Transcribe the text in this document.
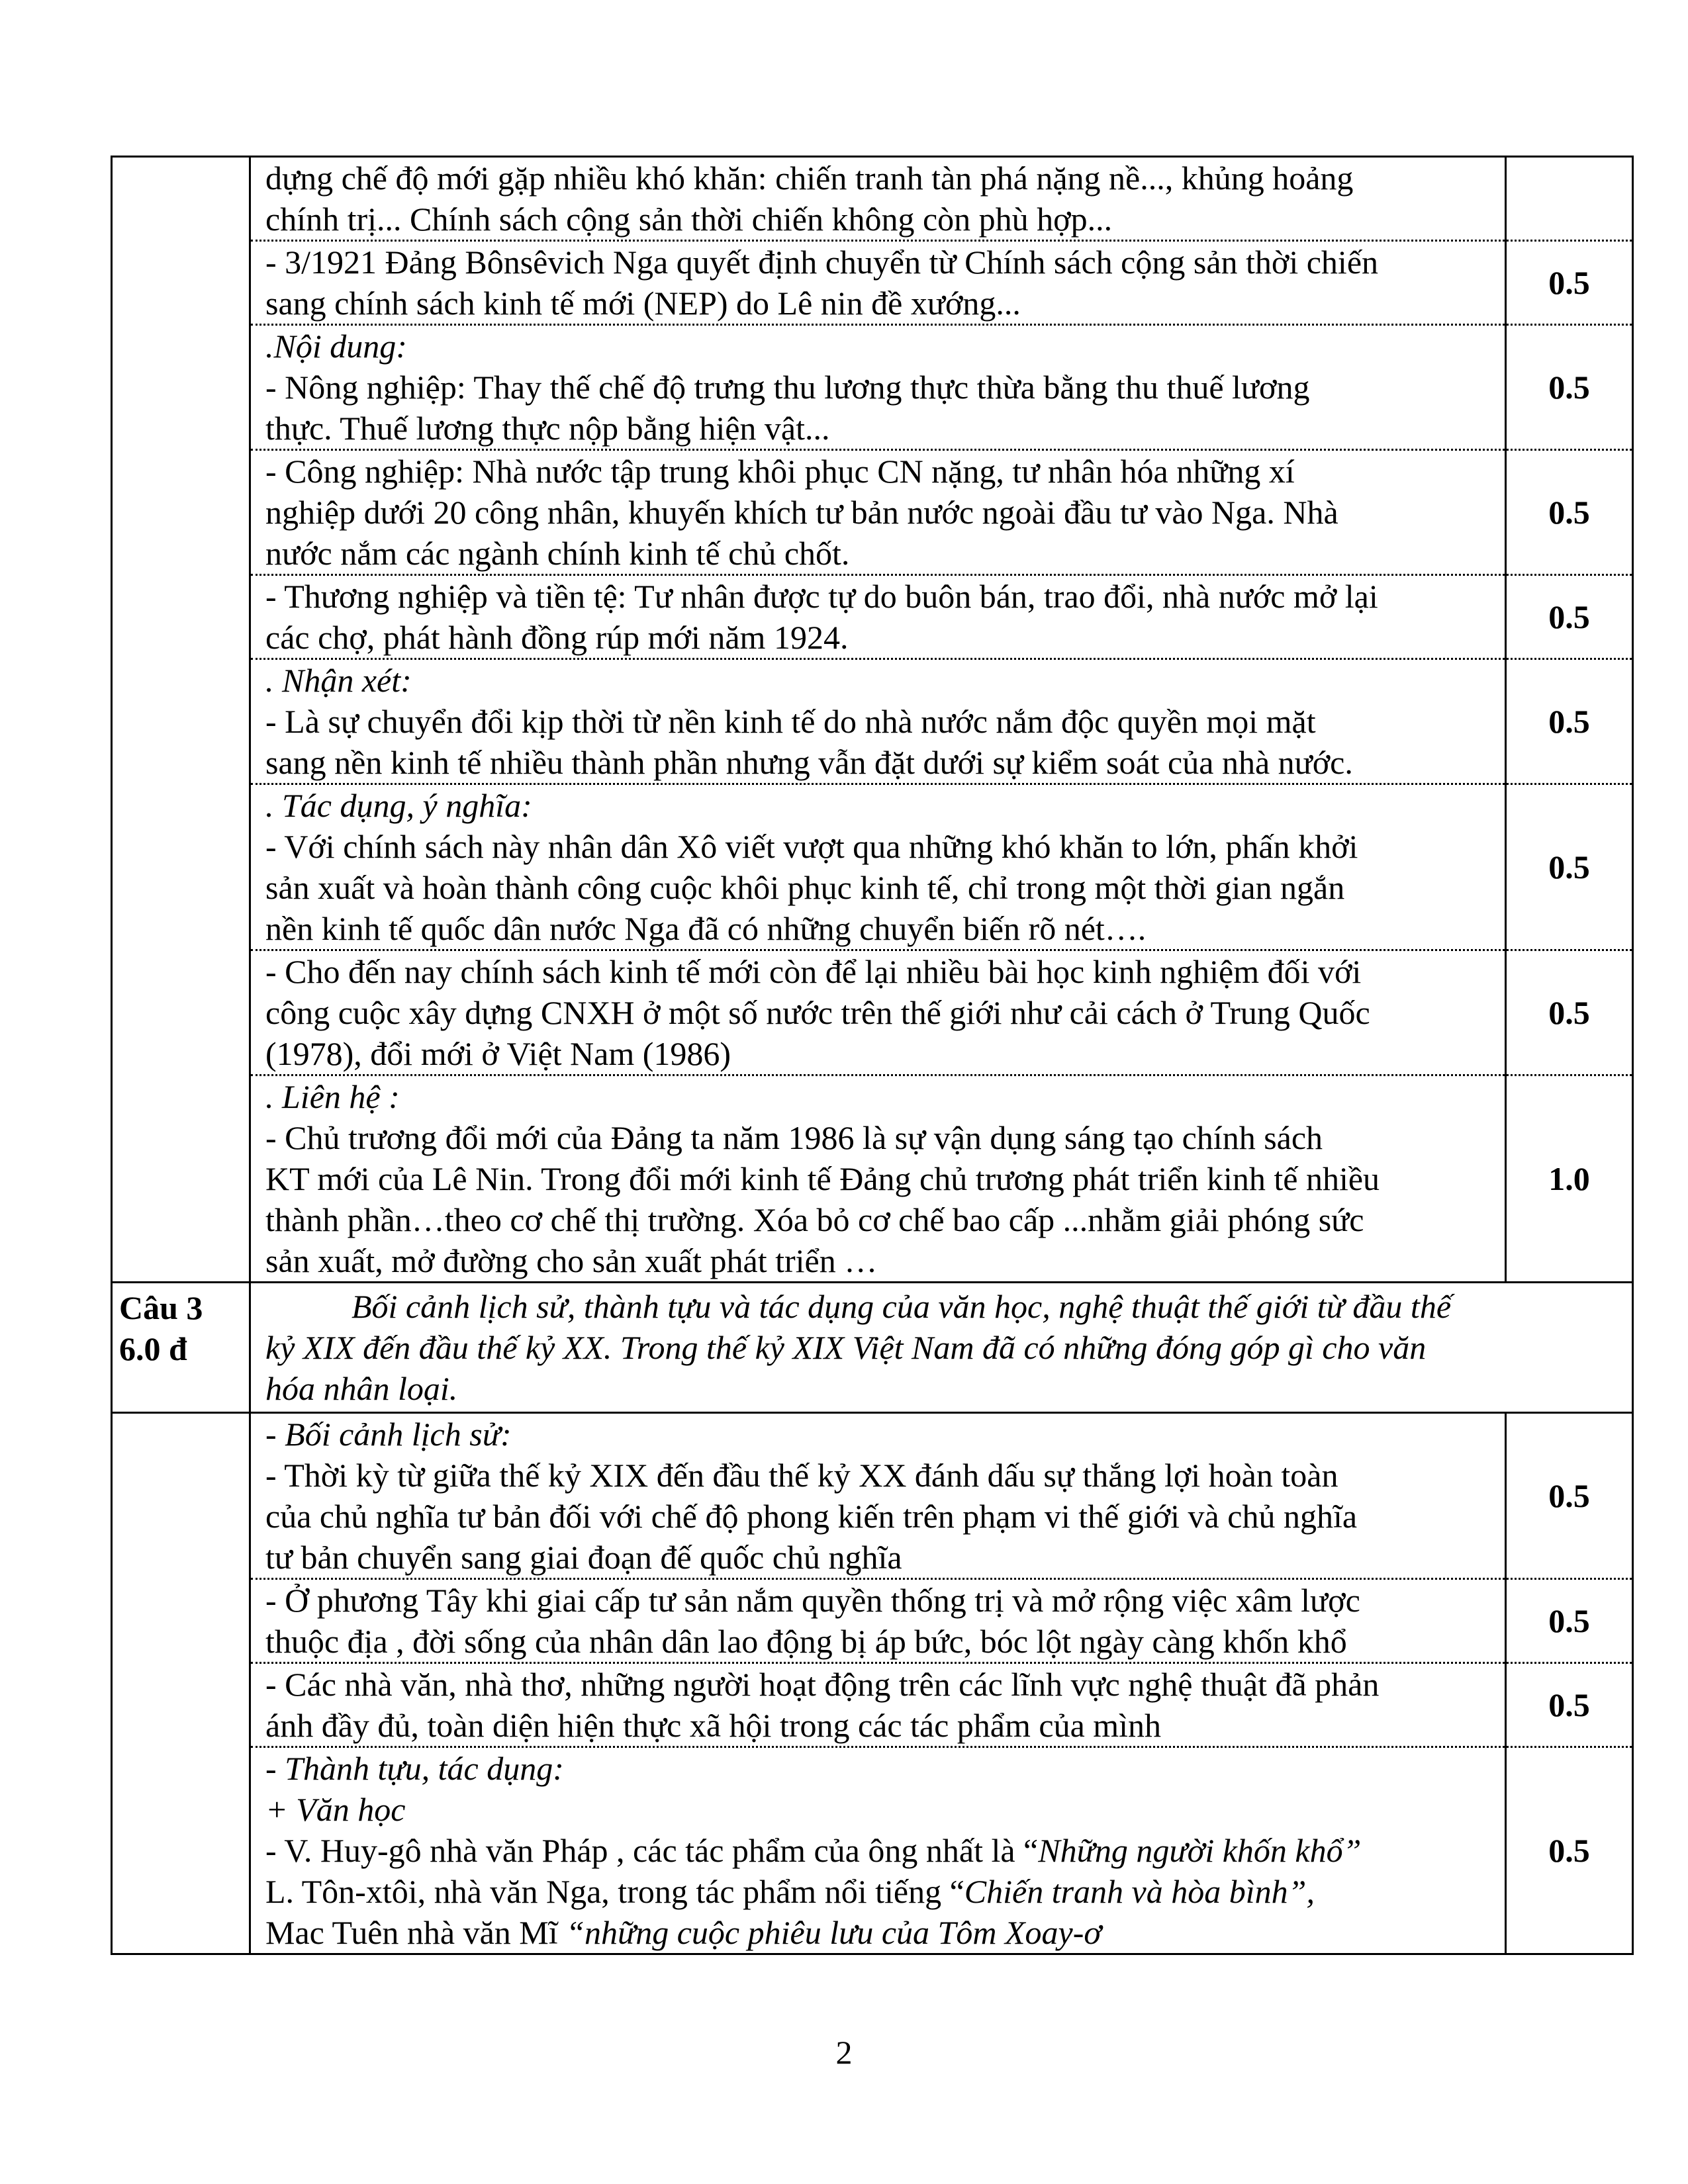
	dựng chế độ mới gặp nhiều khó khăn: chiến tranh tàn phá nặng nề..., khủng hoảng
chính trị... Chính sách cộng sản thời chiến không còn phù hợp...	

	- 3/1921 Đảng Bônsêvich Nga quyết định chuyển từ Chính sách cộng sản thời chiến
sang chính sách kinh tế mới (NEP) do Lê nin đề xướng...	0.5

	.Nội dung:
- Nông nghiệp: Thay thế chế độ trưng thu lương thực thừa bằng thu thuế lương
thực. Thuế lương thực nộp bằng hiện vật...	0.5

	- Công nghiệp: Nhà nước tập trung khôi phục CN nặng, tư nhân hóa những xí
nghiệp dưới 20 công nhân, khuyến khích tư bản nước ngoài đầu tư vào Nga. Nhà
nước nắm các ngành chính kinh tế chủ chốt.	0.5

	- Thương nghiệp và tiền tệ: Tư nhân được tự do buôn bán, trao đổi, nhà nước mở lại
các chợ, phát hành đồng rúp mới năm 1924.	0.5

	. Nhận xét:
- Là sự chuyển đổi kịp thời từ nền kinh tế do nhà nước nắm độc quyền mọi mặt
sang nền kinh tế nhiều thành phần nhưng vẫn đặt dưới sự kiểm soát của nhà nước.	0.5

	. Tác dụng, ý nghĩa:
- Với chính sách này nhân dân Xô viết vượt qua những khó khăn to lớn, phấn khởi
sản xuất và hoàn thành công cuộc khôi phục kinh tế, chỉ trong một thời gian ngắn
nền kinh tế quốc dân nước Nga đã có những chuyển biến rõ nét….	0.5

	- Cho đến nay chính sách kinh tế mới còn để lại nhiều bài học kinh nghiệm đối với
công cuộc xây dựng CNXH ở một số nước trên thế giới như cải cách ở Trung Quốc
(1978), đổi mới ở Việt Nam (1986)	0.5

	. Liên hệ :
- Chủ trương đổi mới của Đảng ta năm 1986 là sự vận dụng sáng tạo chính sách
KT mới của Lê Nin. Trong đổi mới kinh tế Đảng chủ trương phát triển kinh tế nhiều
thành phần…theo cơ chế thị trường. Xóa bỏ cơ chế bao cấp ...nhằm giải phóng sức
sản xuất, mở đường cho sản xuất phát triển …	1.0

Câu 3
6.0 đ	Bối cảnh lịch sử, thành tựu và tác dụng của văn học, nghệ thuật thế giới từ đầu thế
kỷ XIX đến đầu thế kỷ XX. Trong thế kỷ XIX Việt Nam đã có những đóng góp gì cho văn
hóa nhân loại.	

	- Bối cảnh lịch sử:
- Thời kỳ từ giữa thế kỷ XIX đến đầu thế kỷ XX đánh dấu sự thắng lợi hoàn toàn
của chủ nghĩa tư bản đối với chế độ phong kiến trên phạm vi thế giới và chủ nghĩa
tư bản chuyển sang giai đoạn đế quốc chủ nghĩa	0.5

	- Ở phương Tây khi giai cấp tư sản nắm quyền thống trị và mở rộng việc xâm lược
thuộc địa , đời sống của nhân dân lao động bị áp bức, bóc lột ngày càng khốn khổ	0.5

	- Các nhà văn, nhà thơ, những người hoạt động trên các lĩnh vực nghệ thuật đã phản
ánh đầy đủ, toàn diện hiện thực xã hội trong các tác phẩm của mình	0.5

	- Thành tựu, tác dụng:
+ Văn học
- V. Huy-gô nhà văn Pháp , các tác phẩm của ông nhất là “Những người khốn khổ”
L. Tôn-xtôi, nhà văn Nga, trong tác phẩm nổi tiếng “Chiến tranh và hòa bình”,
Mac Tuên nhà văn Mĩ “những cuộc phiêu lưu của Tôm Xoay-ơ	0.5
2
